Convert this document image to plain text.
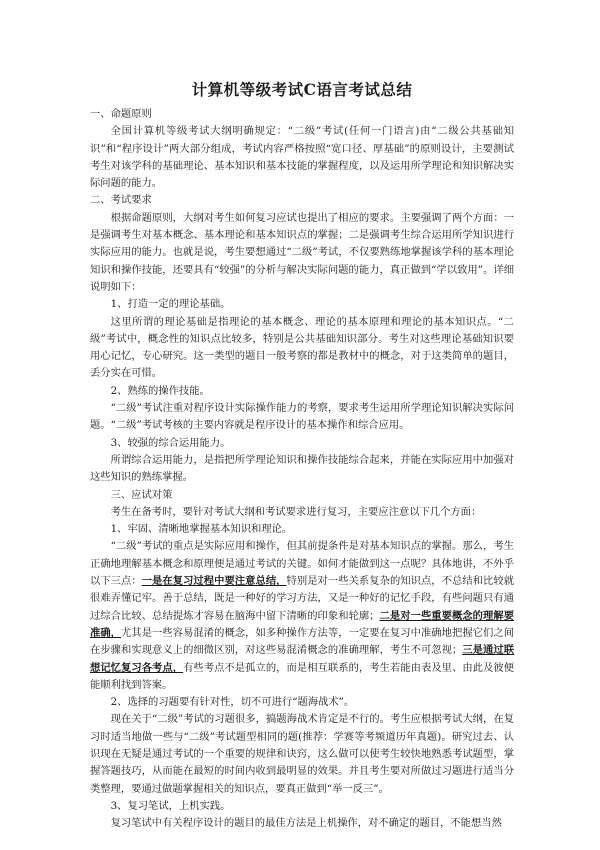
计算机等级考试C语言考试总结

一、命题原则

全国计算机等级考试大纲明确规定：“二级”考试(任何一门语言)由“二级公共基础知识”和“程序设计”两大部分组成，考试内容严格按照“宽口径、厚基础”的原则设计，主要测试考生对该学科的基础理论、基本知识和基本技能的掌握程度，以及运用所学理论和知识解决实际问题的能力。

二、考试要求

根据命题原则，大纲对考生如何复习应试也提出了相应的要求。主要强调了两个方面：一是强调考生对基本概念、基本理论和基本知识点的掌握；二是强调考生综合运用所学知识进行实际应用的能力。也就是说，考生要想通过“二级”考试，不仅要熟练地掌握该学科的基本理论知识和操作技能，还要具有“较强”的分析与解决实际问题的能力，真正做到“学以致用”。详细说明如下：

1、打造一定的理论基础。

这里所谓的理论基础是指理论的基本概念、理论的基本原理和理论的基本知识点。“二级”考试中，概念性的知识点比较多，特别是公共基础知识部分。考生对这些理论基础知识要用心记忆，专心研究。这一类型的题目一般考察的都是教材中的概念，对于这类简单的题目，丢分实在可惜。

2、熟练的操作技能。

“二级”考试注重对程序设计实际操作能力的考察，要求考生运用所学理论知识解决实际问题。“二级”考试考核的主要内容就是程序设计的基本操作和综合应用。

3、较强的综合运用能力。

所谓综合运用能力，是指把所学理论知识和操作技能综合起来，并能在实际应用中加强对这些知识的熟练掌握。

三、应试对策

考生在备考时，要针对考试大纲和考试要求进行复习，主要应注意以下几个方面：

1、牢固、清晰地掌握基本知识和理论。

“二级”考试的重点是实际应用和操作，但其前提条件是对基本知识点的掌握。那么，考生正确地理解基本概念和原理便是通过考试的关键。如何才能做到这一点呢？具体地讲，不外乎以下三点：一是在复习过程中要注意总结，特别是对一些关系复杂的知识点，不总结和比较就很难弄懂记牢。善于总结，既是一种好的学习方法，又是一种好的记忆手段，有些问题只有通过综合比较、总结提炼才容易在脑海中留下清晰的印象和轮廓；二是对一些重要概念的理解要准确，尤其是一些容易混淆的概念，如多种操作方法等，一定要在复习中准确地把握它们之间在步骤和实现意义上的细微区别，对这些易混淆概念的准确理解，考生不可忽视；三是通过联想记忆复习各考点，有些考点不是孤立的，而是相互联系的，考生若能由表及里、由此及彼便能顺利找到答案。

2、选择的习题要有针对性，切不可进行“题海战术”。

现在关于“二级”考试的习题很多，搞题海战术肯定是不行的。考生应根据考试大纲，在复习时适当地做一些与“二级”考试题型相同的题(推荐：学赛等考频道历年真题)。研究过去、认识现在无疑是通过考试的一个重要的规律和诀窍，这么做可以使考生较快地熟悉考试题型，掌握答题技巧，从而能在最短的时间内收到最明显的效果。并且考生要对所做过习题进行适当分类整理，要通过做题掌握相关的知识点，要真正做到“举一反三”。

3、复习笔试，上机实践。

复习笔试中有关程序设计的题目的最佳方法是上机操作，对不确定的题目，不能想当然
